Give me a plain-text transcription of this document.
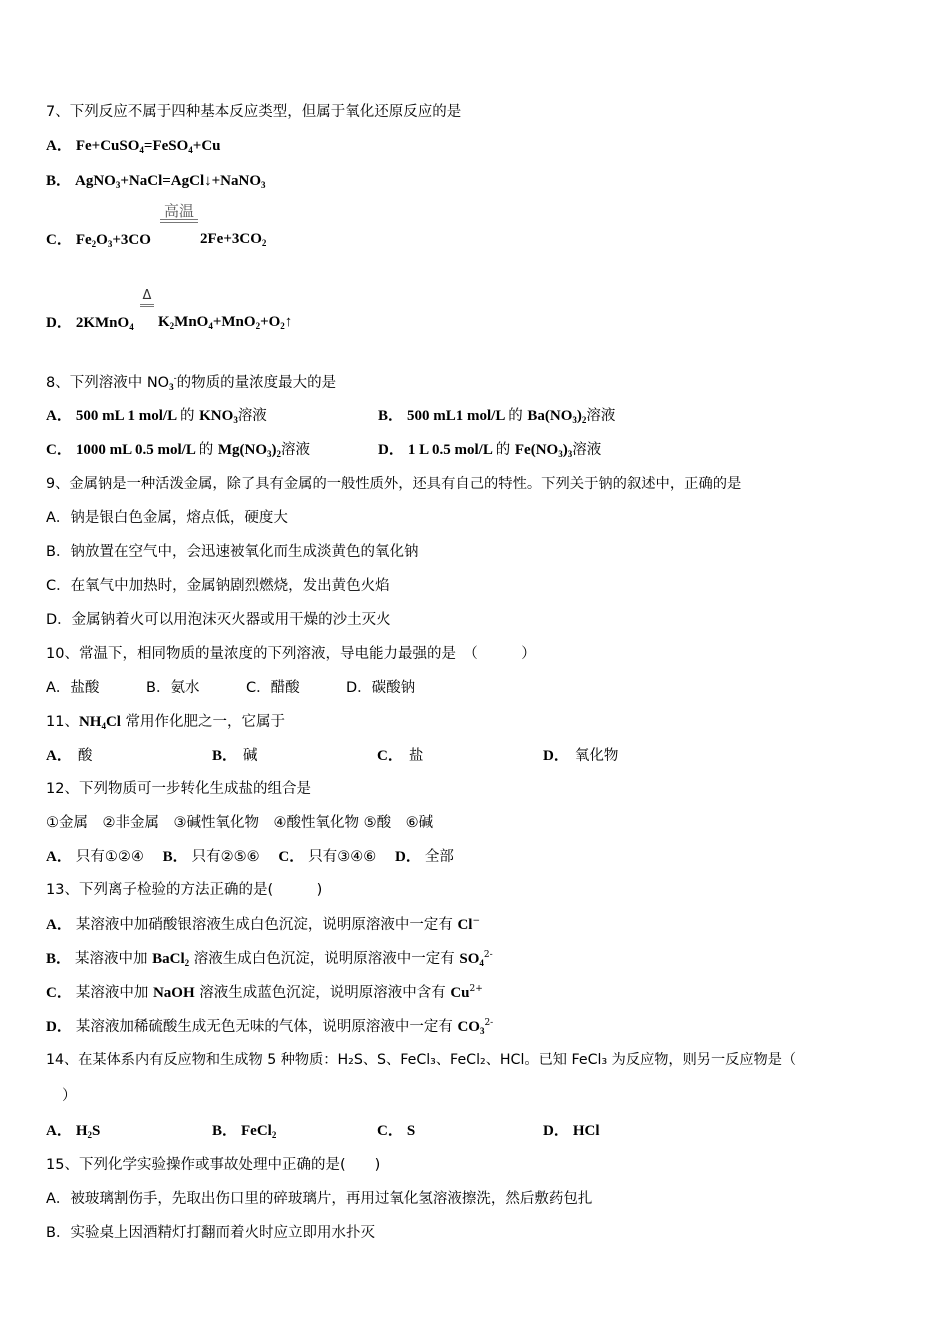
7、下列反应不属于四种基本反应类型，但属于氧化还原反应的是
A． Fe+CuSO$_4$=FeSO$_4$+Cu
B． AgNO$_3$+NaCl=AgCl↓+NaNO$_3$
C． $Fe_2O_3+3CO$
高温
$2Fe+3CO_2$
D． 2KMnO$_4$
Δ
$K_2MnO_4+MnO_2+O_2↑$
8、下列溶液中 $NO_3^-$的物质的量浓度最大的是
A． 500 mL 1 mol/L 的 $KNO_3$溶液	B． 500 mL1 mol/L 的 $Ba(NO_3)_2$溶液
C． 1000 mL 0.5 mol/L 的 $Mg(NO_3)_2$溶液	D． 1 L 0.5 mol/L 的 $Fe(NO_3)_3$溶液
9、金属钠是一种活泼金属，除了具有金属的一般性质外，还具有自己的特性。下列关于钠的叙述中，正确的是
A．钠是银白色金属，熔点低，硬度大
B．钠放置在空气中，会迅速被氧化而生成淡黄色的氧化钠
C．在氧气中加热时，金属钠剧烈燃烧，发出黄色火焰
D．金属钠着火可以用泡沫灭火器或用干燥的沙土灭火
10、常温下，相同物质的量浓度的下列溶液，导电能力最强的是　（　　　）
A．盐酸	B．氨水	C．醋酸	D．碳酸钠
11、$NH_4Cl$ 常用作化肥之一，它属于
A． 酸	B． 碱	C． 盐	D． 氧化物
12、下列物质可一步转化生成盐的组合是
①金属　②非金属　③碱性氧化物　④酸性氧化物 ⑤酸　⑥碱
A． 只有①②④ B． 只有②⑤⑥ C． 只有③④⑥ D． 全部
13、下列离子检验的方法正确的是(　　　)
A． 某溶液中加硝酸银溶液生成白色沉淀，说明原溶液中一定有 Cl−
B． 某溶液中加 BaCl$_2$ 溶液生成白色沉淀，说明原溶液中一定有 $SO_4^{2-}$
C． 某溶液中加 NaOH 溶液生成蓝色沉淀，说明原溶液中含有 $Cu^{2+}$
D． 某溶液加稀硫酸生成无色无味的气体，说明原溶液中一定有 $CO_3^{2-}$
14、在某体系内有反应物和生成物 5 种物质：H₂S、S、FeCl₃、FeCl₂、HCl。已知 FeCl₃ 为反应物，则另一反应物是（
）
A． $H_2S$	B． FeCl$_2$	C． S	D． HCl
15、下列化学实验操作或事故处理中正确的是(　　)
A．被玻璃割伤手，先取出伤口里的碎玻璃片，再用过氧化氢溶液擦洗，然后敷药包扎
B．实验桌上因酒精灯打翻而着火时应立即用水扑灭
